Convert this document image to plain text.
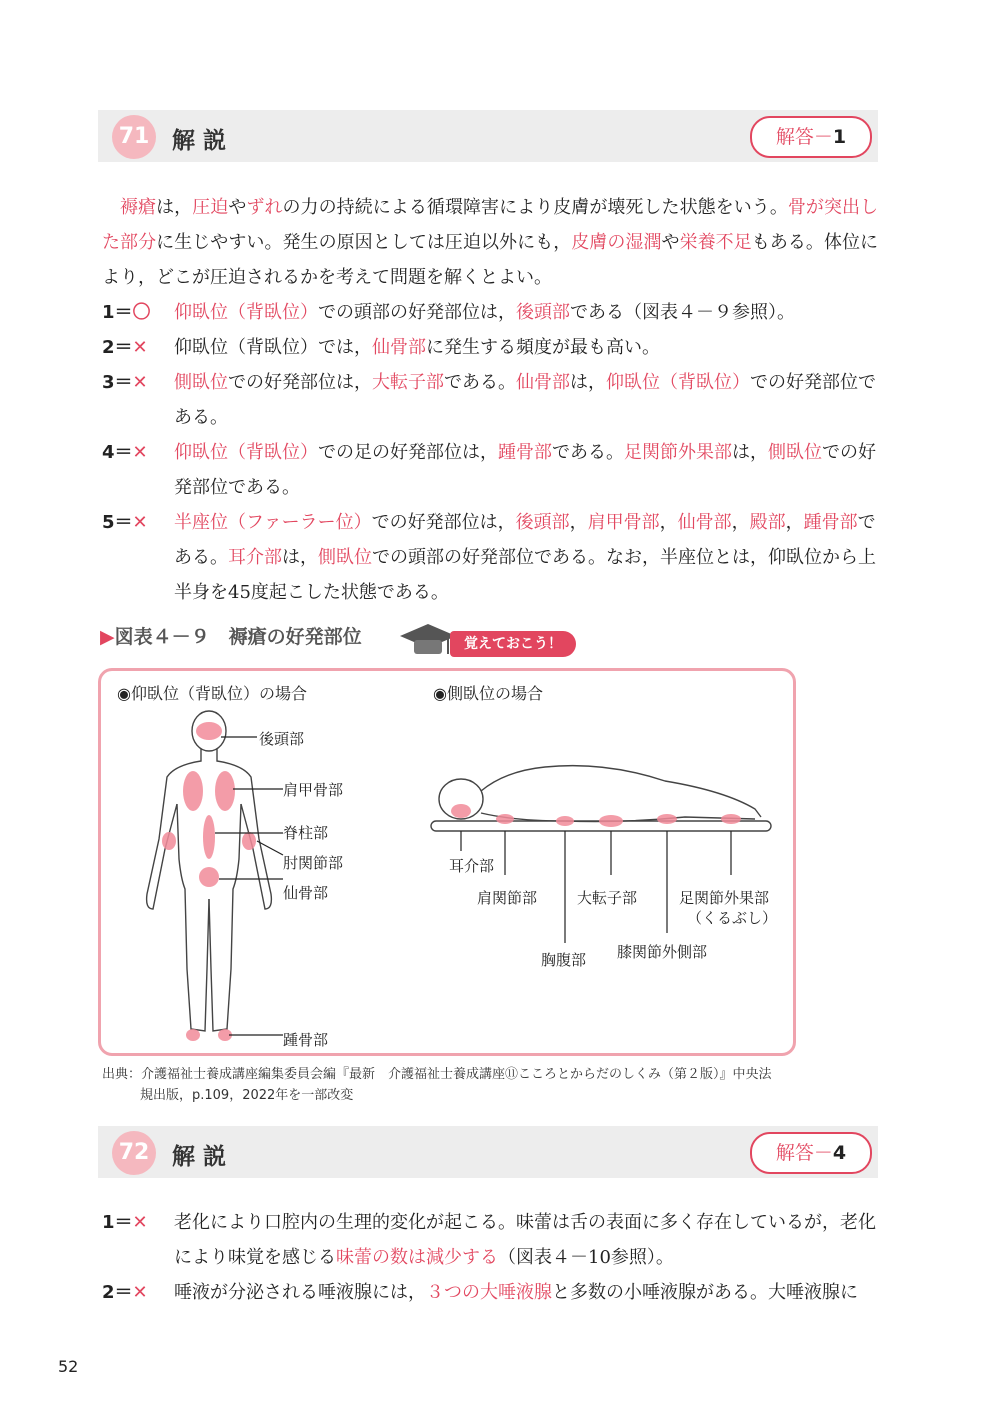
71 解説	解答－1
褥瘡は，圧迫やずれの力の持続による循環障害により皮膚が壊死した状態をいう。骨が突出した部分に生じやすい。発生の原因としては圧迫以外にも，皮膚の湿潤や栄養不足もある。体位により，どこが圧迫されるかを考えて問題を解くとよい。
1＝〇	仰臥位（背臥位）での頭部の好発部位は，後頭部である（図表４－９参照）。
2＝✕	仰臥位（背臥位）では，仙骨部に発生する頻度が最も高い。
3＝✕	側臥位での好発部位は，大転子部である。仙骨部は，仰臥位（背臥位）での好発部位である。
4＝✕	仰臥位（背臥位）での足の好発部位は，踵骨部である。足関節外果部は，側臥位での好発部位である。
5＝✕	半座位（ファーラー位）での好発部位は，後頭部，肩甲骨部，仙骨部，殿部，踵骨部である。耳介部は，側臥位での頭部の好発部位である。なお，半座位とは，仰臥位から上半身を45度起こした状態である。
▶図表４－９　褥瘡の好発部位	覚えておこう！
◉仰臥位（背臥位）の場合	◉側臥位の場合
後頭部
肩甲骨部
脊柱部
肘関節部
仙骨部
踵骨部
耳介部
肩関節部	大転子部	足関節外果部
（くるぶし）
胸腹部 膝関節外側部
出典：介護福祉士養成講座編集委員会編『最新　介護福祉士養成講座⑪こころとからだのしくみ（第２版）』中央法
規出版，p.109，2022年を一部改変
72 解説	解答－4
1＝✕	老化により口腔内の生理的変化が起こる。味蕾は舌の表面に多く存在しているが，老化により味覚を感じる味蕾の数は減少する（図表４－10参照）。
2＝✕	唾液が分泌される唾液腺には，３つの大唾液腺と多数の小唾液腺がある。大唾液腺に
52
